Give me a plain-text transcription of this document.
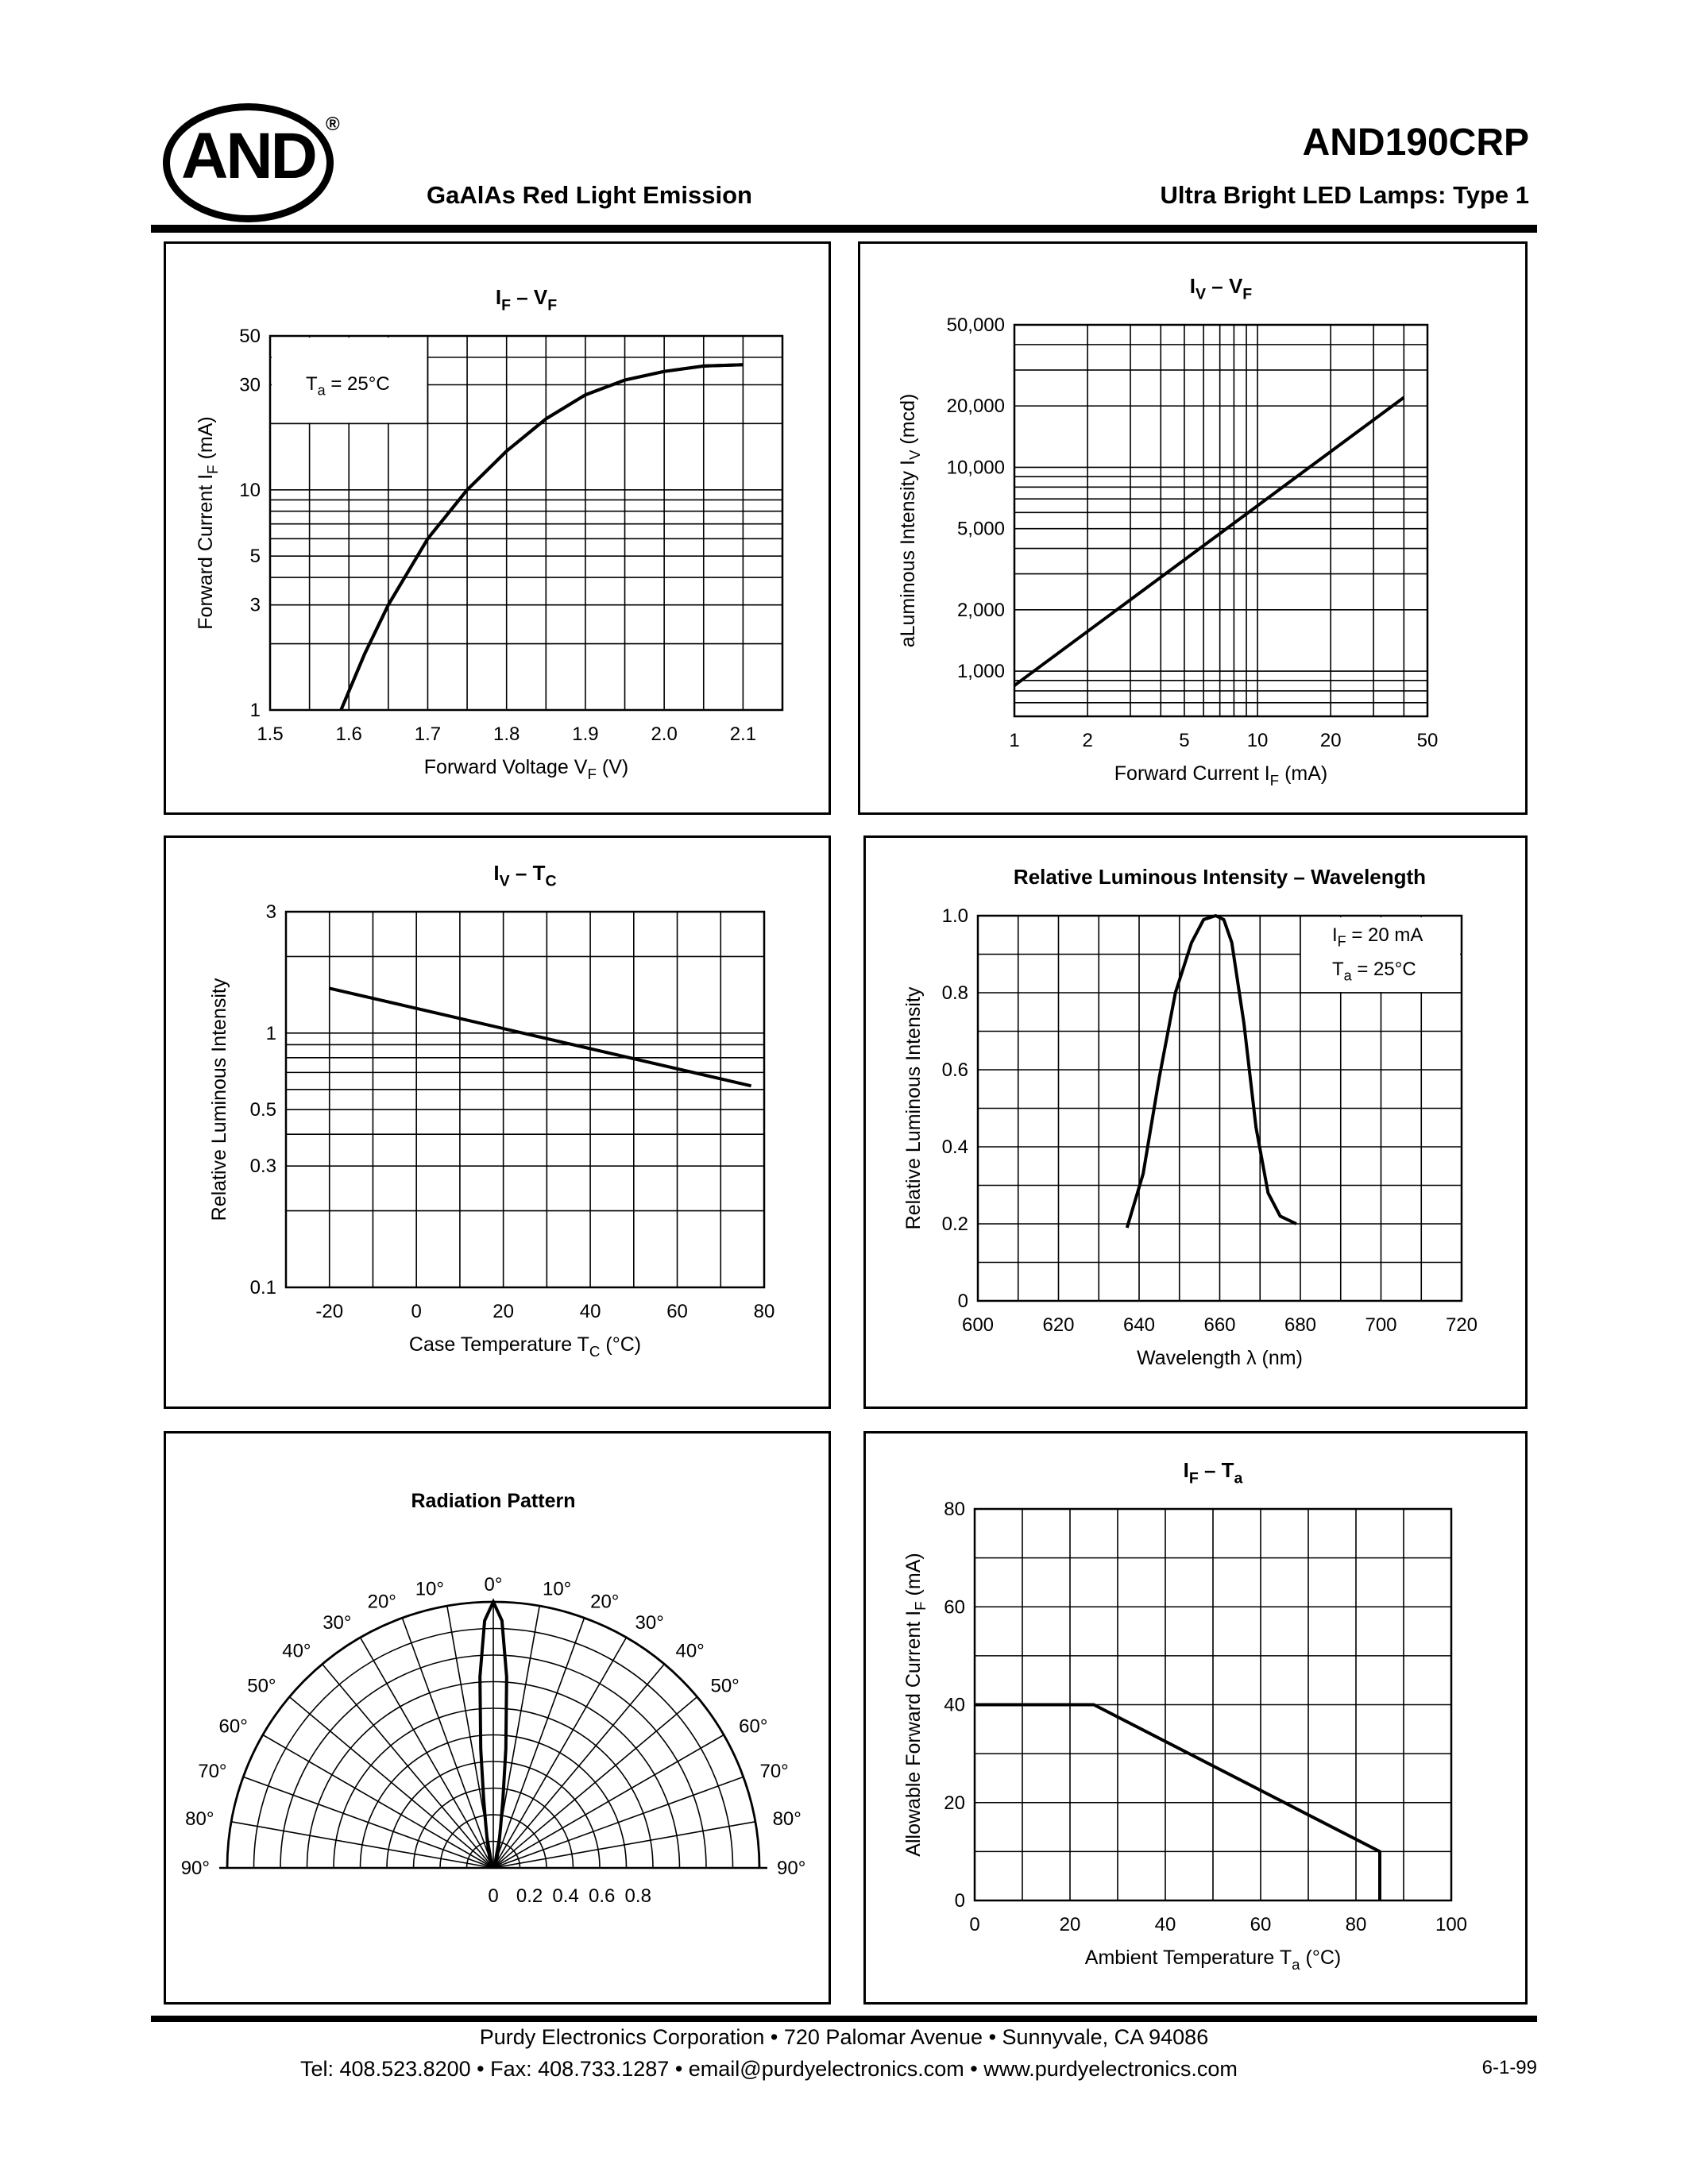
AND ®	AND190CRP
GaAlAs Red Light Emission	Ultra Bright LED Lamps: Type 1
1.5	1.6	1.7	1.8	1.9	2.0	2.1
1
3
5
10
30
50
$I_F - V_F$
Forward Voltage $V_F$ (V)
Forward Current $I_F$ (mA)
$T_a = 25^\circ C$
1	2	5	10	20	50
1,000
2,000
5,000
10,000
20,000
50,000
$I_V - V_F$
Forward Current $I_F$ (mA)
aLuminous Intensity $I_V$ (mcd)
-20	0	20	40	60	80
0.1
0.3
0.5
1
3
$I_V - T_C$
Case Temperature $T_C$ (°C)
Relative Luminous Intensity
600	620	640	660	680	700	720
0
0.2
0.4
0.6
0.8
1.0
Relative Luminous Intensity – Wavelength
Wavelength λ (nm)
Relative Luminous Intensity
$I_F = 20$ mA
$T_a = 25^\circ C$
Radiation Pattern
0°
10°	10°
20°	20°
30°	30°
40°	40°
50°	50°
60°	60°
70°	70°
80°	80°
90°	90°
0 0.2 0.4 0.6 0.8
0	20	40	60	80	100
0
20
40
60
80
$I_F - T_a$
Ambient Temperature $T_a$ (°C)
Allowable Forward Current $I_F$ (mA)
Purdy Electronics Corporation • 720 Palomar Avenue • Sunnyvale, CA 94086
Tel: 408.523.8200 • Fax: 408.733.1287 • email@purdyelectronics.com • www.purdyelectronics.com	6-1-99
